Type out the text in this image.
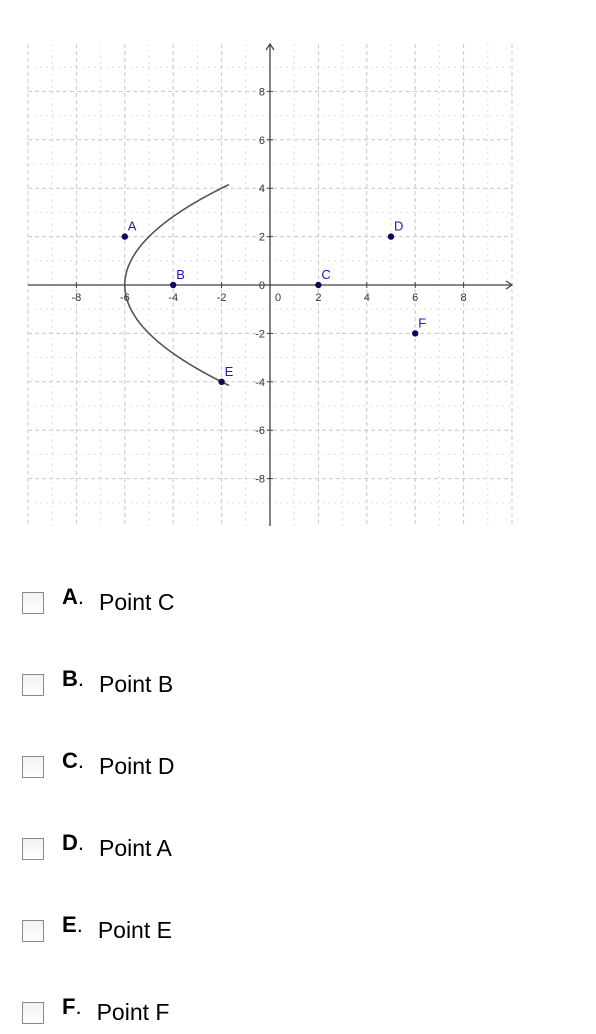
-8	-6	-4	-2	0	2	4	6	8
8
6
4
2
0
-2
-4
-6
-8
A
B	C
D
E
F
A . Point C
B . Point B
C . Point D
D . Point A
E . Point E
F . Point F
